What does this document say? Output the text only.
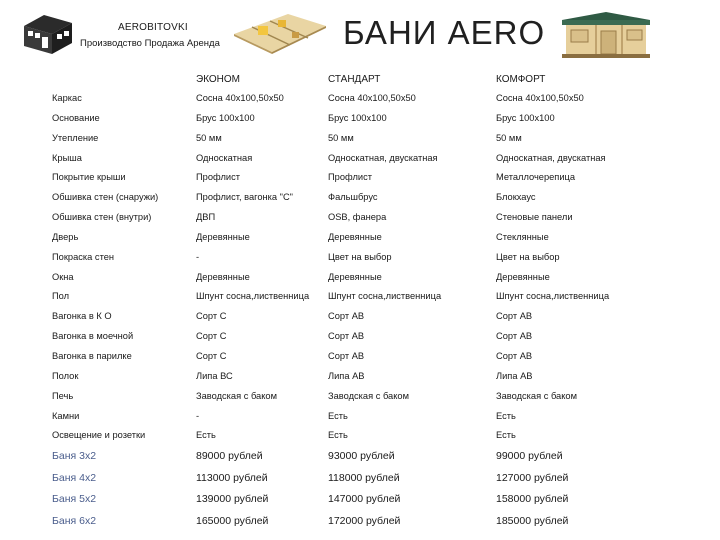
AEROBITOVKI
Производство Продажа Аренда	БАНИ AERO
	ЭКОНОМ	СТАНДАРТ	КОМФОРТ
Каркас	Сосна 40х100,50х50	Сосна 40х100,50х50	Сосна 40х100,50х50
Основание	Брус 100х100	Брус 100х100	Брус 100х100
Утепление	50 мм	50 мм	50 мм
Крыша	Односкатная	Односкатная, двускатная	Односкатная, двускатная
Покрытие крыши	Профлист	Профлист	Металлочерепица
Обшивка стен (снаружи)	Профлист, вагонка "С"	Фальшбрус	Блокхаус
Обшивка стен (внутри)	ДВП	OSB, фанера	Стеновые панели
Дверь	Деревянные	Деревянные	Стеклянные
Покраска стен	-	Цвет на выбор	Цвет на выбор
Окна	Деревянные	Деревянные	Деревянные
Пол	Шпунт сосна,лиственница	Шпунт сосна,лиственница	Шпунт сосна,лиственница
Вагонка в К О	Сорт С	Сорт АВ	Сорт АВ
Вагонка в моечной	Сорт С	Сорт АВ	Сорт АВ
Вагонка в парилке	Сорт С	Сорт АВ	Сорт АВ
Полок	Липа ВС	Липа АВ	Липа АВ
Печь	Заводская с баком	Заводская с баком	Заводская с баком
Камни	-	Есть	Есть
Освещение и розетки	Есть	Есть	Есть
Баня 3х2	89000 рублей	93000 рублей	99000 рублей
Баня 4х2	113000 рублей	118000 рублей	127000 рублей
Баня 5х2	139000 рублей	147000 рублей	158000 рублей
Баня 6х2	165000 рублей	172000 рублей	185000 рублей
